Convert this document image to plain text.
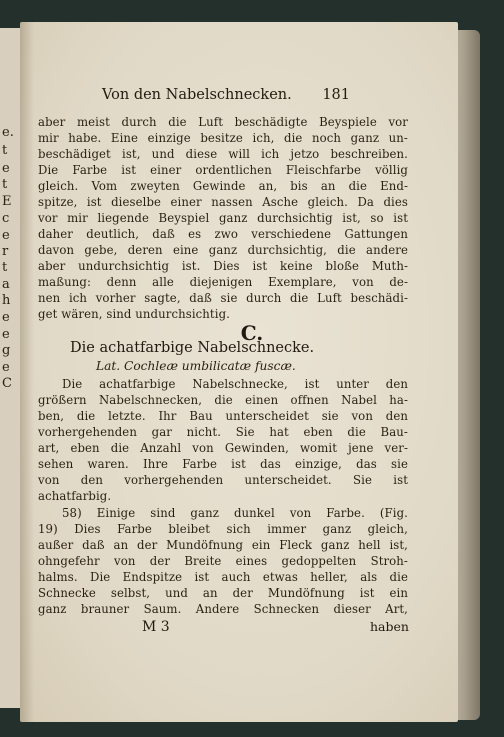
e.
t
e
t
E
c
e
r
t
a
h
e
e
g
e
C
Von den Nabelschnecken. 181
aber meist durch die Luft beschädigte Beyspiele vor
mir habe. Eine einzige besitze ich, die noch ganz un-
beschädiget ist, und diese will ich jetzo beschreiben.
Die Farbe ist einer ordentlichen Fleischfarbe völlig
gleich. Vom zweyten Gewinde an, bis an die End-
spitze, ist dieselbe einer nassen Asche gleich. Da dies
vor mir liegende Beyspiel ganz durchsichtig ist, so ist
daher deutlich, daß es zwo verschiedene Gattungen
davon gebe, deren eine ganz durchsichtig, die andere
aber undurchsichtig ist. Dies ist keine bloße Muth-
maßung: denn alle diejenigen Exemplare, von de-
nen ich vorher sagte, daß sie durch die Luft beschädi-
get wären, sind undurchsichtig.
C.
Die achatfarbige Nabelschnecke.
Lat. Cochleæ umbilicatæ fuscæ.
Die achatfarbige Nabelschnecke, ist unter den
größern Nabelschnecken, die einen offnen Nabel ha-
ben, die letzte. Ihr Bau unterscheidet sie von den
vorhergehenden gar nicht. Sie hat eben die Bau-
art, eben die Anzahl von Gewinden, womit jene ver-
sehen waren. Ihre Farbe ist das einzige, das sie
von den vorhergehenden unterscheidet. Sie ist
achatfarbig.
58) Einige sind ganz dunkel von Farbe. (Fig.
19) Dies Farbe bleibet sich immer ganz gleich,
außer daß an der Mundöfnung ein Fleck ganz hell ist,
ohngefehr von der Breite eines gedoppelten Stroh-
halms. Die Endspitze ist auch etwas heller, als die
Schnecke selbst, und an der Mundöfnung ist ein
ganz brauner Saum. Andere Schnecken dieser Art,
M 3	haben
